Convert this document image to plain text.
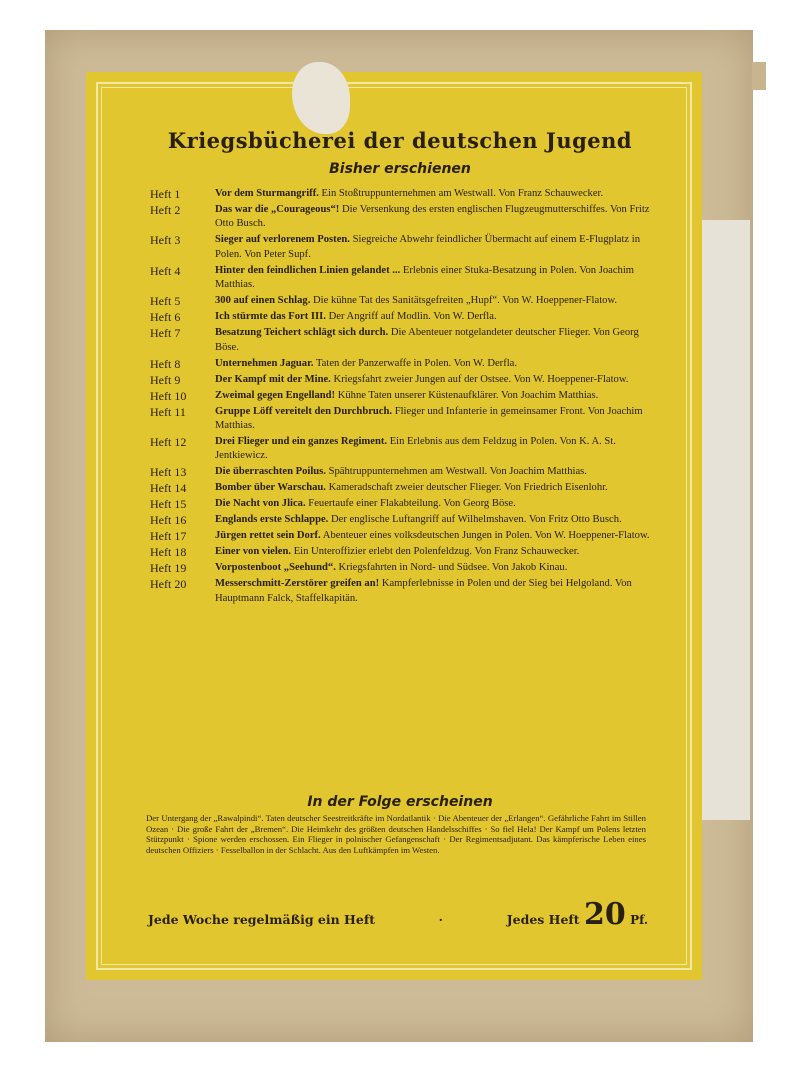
Kriegsbücherei der deutschen Jugend
Bisher erschienen
Heft 1	Vor dem Sturmangriff. Ein Stoßtruppunternehmen am Westwall. Von Franz Schauwecker.
Heft 2	Das war die „Courageous“! Die Versenkung des ersten englischen Flugzeugmutterschiffes. Von Fritz Otto Busch.
Heft 3	Sieger auf verlorenem Posten. Siegreiche Abwehr feindlicher Übermacht auf einem E-Flugplatz in Polen. Von Peter Supf.
Heft 4	Hinter den feindlichen Linien gelandet ... Erlebnis einer Stuka-Besatzung in Polen. Von Joachim Matthias.
Heft 5	300 auf einen Schlag. Die kühne Tat des Sanitätsgefreiten „Hupf“. Von W. Hoeppener-Flatow.
Heft 6	Ich stürmte das Fort III. Der Angriff auf Modlin. Von W. Derfla.
Heft 7	Besatzung Teichert schlägt sich durch. Die Abenteuer notgelandeter deutscher Flieger. Von Georg Böse.
Heft 8	Unternehmen Jaguar. Taten der Panzerwaffe in Polen. Von W. Derfla.
Heft 9	Der Kampf mit der Mine. Kriegsfahrt zweier Jungen auf der Ostsee. Von W. Hoeppener-Flatow.
Heft 10	Zweimal gegen Engelland! Kühne Taten unserer Küstenaufklärer. Von Joachim Matthias.
Heft 11	Gruppe Löff vereitelt den Durchbruch. Flieger und Infanterie in gemeinsamer Front. Von Joachim Matthias.
Heft 12	Drei Flieger und ein ganzes Regiment. Ein Erlebnis aus dem Feldzug in Polen. Von K. A. St. Jentkiewicz.
Heft 13	Die überraschten Poilus. Spähtruppunternehmen am Westwall. Von Joachim Matthias.
Heft 14	Bomber über Warschau. Kameradschaft zweier deutscher Flieger. Von Friedrich Eisenlohr.
Heft 15	Die Nacht von Jlica. Feuertaufe einer Flakabteilung. Von Georg Böse.
Heft 16	Englands erste Schlappe. Der englische Luftangriff auf Wilhelmshaven. Von Fritz Otto Busch.
Heft 17	Jürgen rettet sein Dorf. Abenteuer eines volksdeutschen Jungen in Polen. Von W. Hoeppener-Flatow.
Heft 18	Einer von vielen. Ein Unteroffizier erlebt den Polenfeldzug. Von Franz Schauwecker.
Heft 19	Vorpostenboot „Seehund“. Kriegsfahrten in Nord- und Südsee. Von Jakob Kinau.
Heft 20	Messerschmitt-Zerstörer greifen an! Kampferlebnisse in Polen und der Sieg bei Helgoland. Von Hauptmann Falck, Staffelkapitän.
In der Folge erscheinen
Der Untergang der „Rawalpindi“. Taten deutscher Seestreitkräfte im Nordatlantik · Die Abenteuer der „Erlangen“. Gefährliche Fahrt im Stillen Ozean · Die große Fahrt der „Bremen“. Die Heimkehr des größten deutschen Handelsschiffes · So fiel Hela! Der Kampf um Polens letzten Stützpunkt · Spione werden erschossen. Ein Flieger in polnischer Gefangenschaft · Der Regimentsadjutant. Das kämpferische Leben eines deutschen Offiziers · Fesselballon in der Schlacht. Aus den Luftkämpfen im Westen.
Jede Woche regelmäßig ein Heft	·	Jedes Heft 20 Pf.
